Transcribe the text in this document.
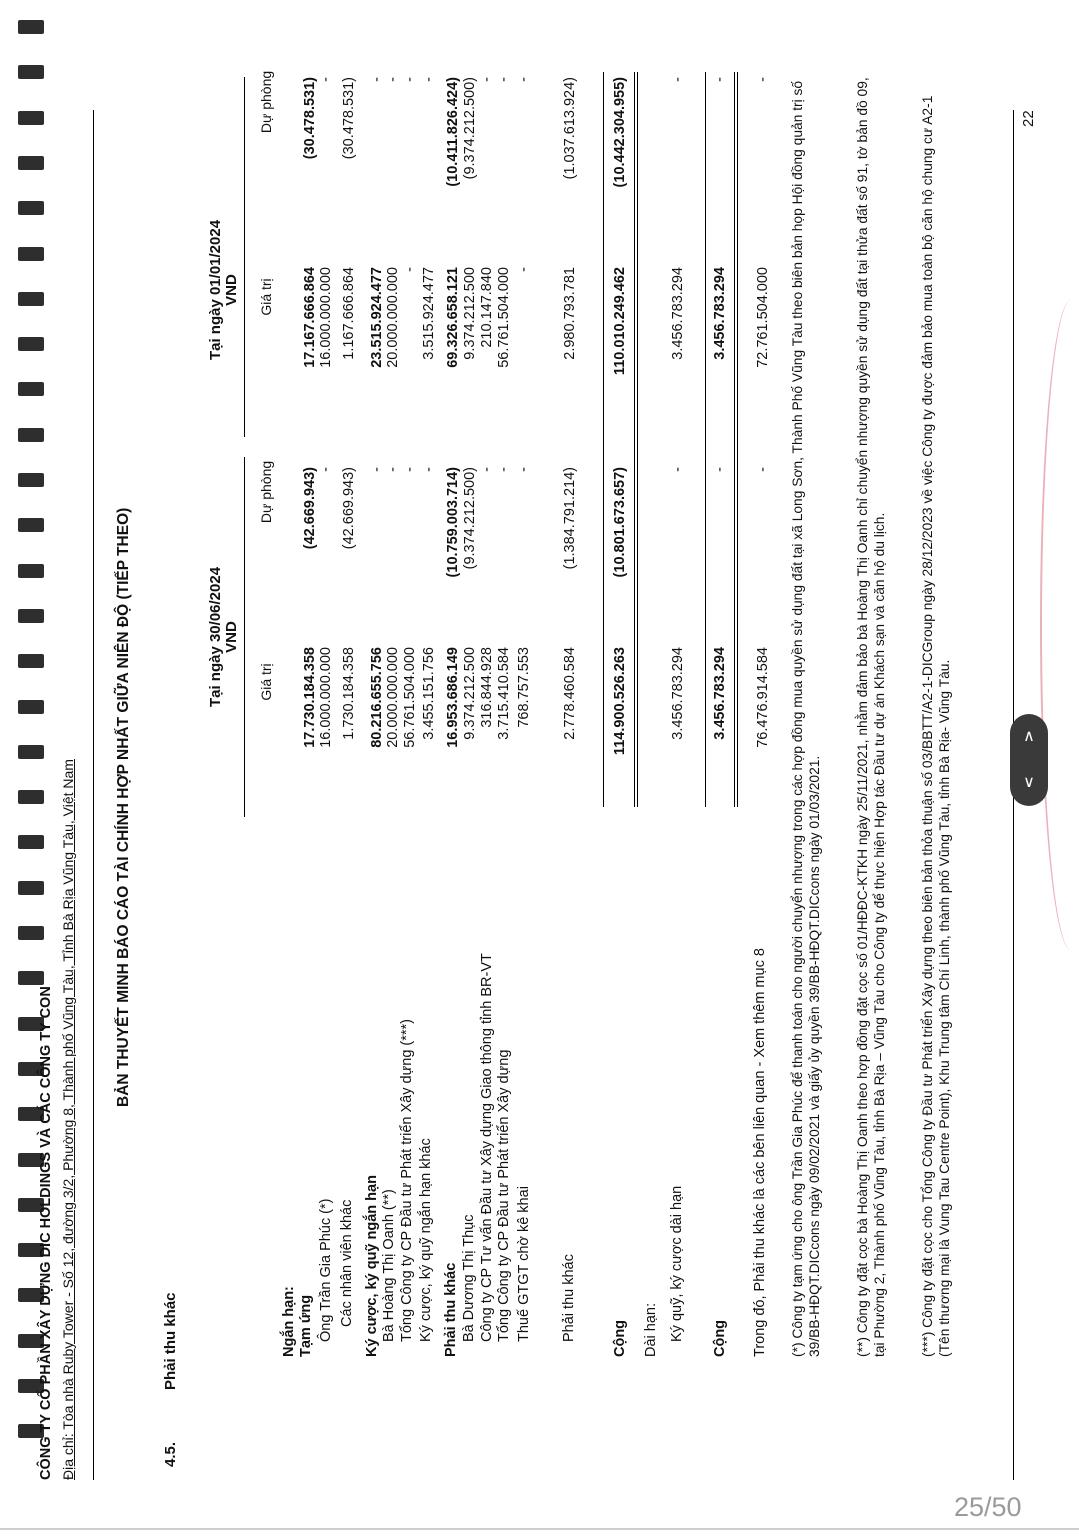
CÔNG TY CỔ PHẦN XÂY DỰNG DIC HOLDINGS VÀ CÁC CÔNG TY CON Địa chỉ: Tòa nhà Ruby Tower - Số 12, đường 3/2, Phường 8, Thành phố Vũng Tàu, Tỉnh Bà Rịa Vũng Tàu, Việt Nam	BẢN THUYẾT MINH BÁO CÁO TÀI CHÍNH HỢP NHẤT GIỮA NIÊN ĐỘ (TIẾP THEO)
4.5.
Phải thu khác
Tại ngày 30/06/2024 VND
Tại ngày 01/01/2024 VND
Giá trị
Dự phòng
Giá trị
Dự phòng
Ngắn hạn: Tạm ứng
17.730.184.358
(42.669.943)
17.167.666.864
(30.478.531)
Ông Trần Gia Phúc (*)
16.000.000.000
-
16.000.000.000
-
Các nhân viên khác
1.730.184.358
(42.669.943)
1.167.666.864
(30.478.531)
Ký cược, ký quỹ ngắn hạn
80.216.655.756
-
23.515.924.477
-
Bà Hoàng Thị Oanh (**)
20.000.000.000
-
20.000.000.000
-
Tổng Công ty CP Đầu tư Phát triển Xây dựng (***)
56.761.504.000
-
-
-
Ký cược, ký quỹ ngắn hạn khác
3.455.151.756
-
3.515.924.477
-
Phải thu khác
16.953.686.149
(10.759.003.714)
69.326.658.121
(10.411.826.424)
Bà Dương Thị Thục
9.374.212.500
(9.374.212.500)
9.374.212.500
(9.374.212.500)
Công ty CP Tư vấn Đầu tư Xây dựng Giao thông tỉnh BR-VT
316.844.928
-
210.147.840
-
Tổng Công ty CP Đầu tư Phát triển Xây dựng
3.715.410.584
-
56.761.504.000
-
Thuế GTGT chờ kê khai
768.757.553
-
-
-
Phải thu khác
2.778.460.584
(1.384.791.214)
2.980.793.781
(1.037.613.924)
Cộng
114.900.526.263
(10.801.673.657)
110.010.249.462
(10.442.304.955)
Dài hạn: Ký quỹ, ký cược dài hạn
3.456.783.294
-
3.456.783.294
-
Cộng
3.456.783.294
-
3.456.783.294
-
Trong đó, Phải thu khác là các bên liên quan - Xem thêm mục 8
76.476.914.584
-
72.761.504.000
-
(*) Công ty tạm ứng cho ông Trần Gia Phúc để thanh toán cho người chuyển nhượng trong các hợp đồng mua quyền sử dụng đất tại xã Long Sơn, Thành Phố Vũng Tàu theo biên bản họp Hội đồng quản trị số 39/BB-HĐQT.DICcons ngày 09/02/2021 và giấy ủy quyền 39/BB-HĐQT.DICcons ngày 01/03/2021. (**) Công ty đặt cọc bà Hoàng Thị Oanh theo hợp đồng đặt cọc số 01/HĐĐC-KTKH ngày 25/11/2021, nhằm đảm bảo bà Hoàng Thị Oanh chỉ chuyển nhượng quyền sử dụng đất tại thửa đất số 91, tờ bản đồ 09, tại Phường 2, Thành phố Vũng Tàu, tỉnh Bà Rịa – Vũng Tàu cho Công ty để thực hiện Hợp tác Đầu tư dự án Khách sạn và căn hộ du lịch. (***) Công ty đặt cọc cho Tổng Công ty Đầu tư Phát triển Xây dựng theo biên bản thỏa thuận số 03/BBTT/A2-1-DICGroup ngày 28/12/2023 về việc Công ty được đảm bảo mua toàn bộ căn hộ chung cư A2-1 (Tên thương mại là Vung Tau Centre Point), Khu Trung tâm Chí Linh, thành phố Vũng Tàu, tỉnh Bà Rịa- Vũng Tàu.
22
∧
∨
25/50
